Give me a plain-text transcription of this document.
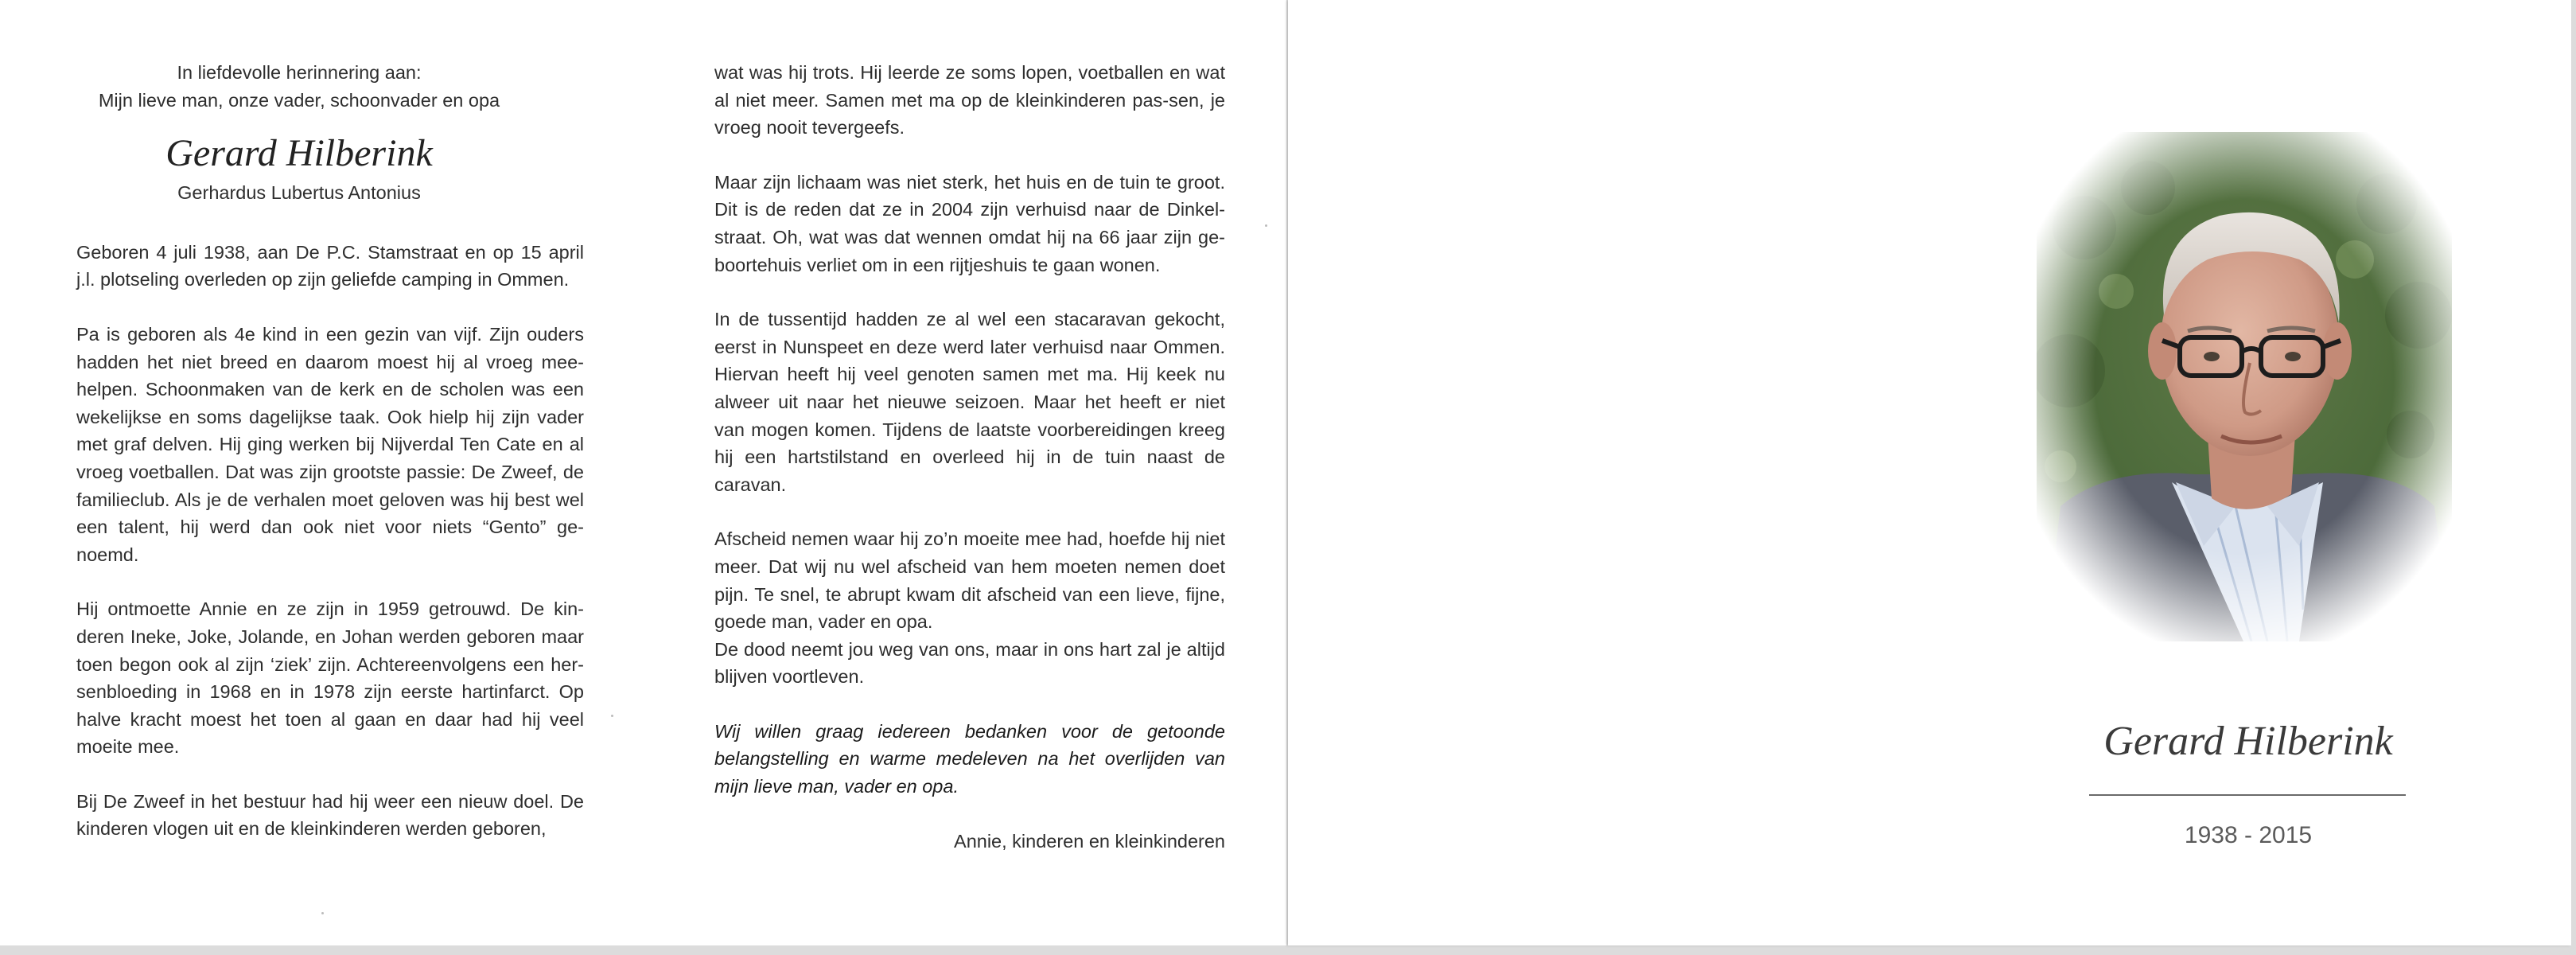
In liefdevolle herinnering aan:

Mijn lieve man, onze vader, schoonvader en opa

Gerard Hilberink

Gerhardus Lubertus Antonius

Geboren 4 juli 1938, aan De P.C. Stamstraat en op 15 april j.l. plotseling overleden op zijn geliefde camping in Ommen.

Pa is geboren als 4e kind in een gezin van vijf. Zijn ouders hadden het niet breed en daarom moest hij al vroeg mee-helpen. Schoonmaken van de kerk en de scholen was een wekelijkse en soms dagelijkse taak. Ook hielp hij zijn vader met graf delven. Hij ging werken bij Nijverdal Ten Cate en al vroeg voetballen. Dat was zijn grootste passie: De Zweef, de familieclub. Als je de verhalen moet geloven was hij best wel een talent, hij werd dan ook niet voor niets “Gento” ge-noemd.

Hij ontmoette Annie en ze zijn in 1959 getrouwd. De kin-deren Ineke, Joke, Jolande, en Johan werden geboren maar toen begon ook al zijn ‘ziek’ zijn. Achtereenvolgens een her-senbloeding in 1968 en in 1978 zijn eerste hartinfarct. Op halve kracht moest het toen al gaan en daar had hij veel moeite mee.

Bij De Zweef in het bestuur had hij weer een nieuw doel. De kinderen vlogen uit en de kleinkinderen werden geboren,

wat was hij trots. Hij leerde ze soms lopen, voetballen en wat al niet meer. Samen met ma op de kleinkinderen pas-sen, je vroeg nooit tevergeefs.

Maar zijn lichaam was niet sterk, het huis en de tuin te groot. Dit is de reden dat ze in 2004 zijn verhuisd naar de Dinkel-straat. Oh, wat was dat wennen omdat hij na 66 jaar zijn ge-boortehuis verliet om in een rijtjeshuis te gaan wonen.

In de tussentijd hadden ze al wel een stacaravan gekocht, eerst in Nunspeet en deze werd later verhuisd naar Ommen. Hiervan heeft hij veel genoten samen met ma. Hij keek nu alweer uit naar het nieuwe seizoen. Maar het heeft er niet van mogen komen. Tijdens de laatste voorbereidingen kreeg hij een hartstilstand en overleed hij in de tuin naast de caravan.

Afscheid nemen waar hij zo’n moeite mee had, hoefde hij niet meer. Dat wij nu wel afscheid van hem moeten nemen doet pijn. Te snel, te abrupt kwam dit afscheid van een lieve, fijne, goede man, vader en opa.

De dood neemt jou weg van ons, maar in ons hart zal je altijd blijven voortleven.

Wij willen graag iedereen bedanken voor de getoonde belangstelling en warme medeleven na het overlijden van mijn lieve man, vader en opa.

Annie, kinderen en kleinkinderen

Gerard Hilberink
1938 - 2015
